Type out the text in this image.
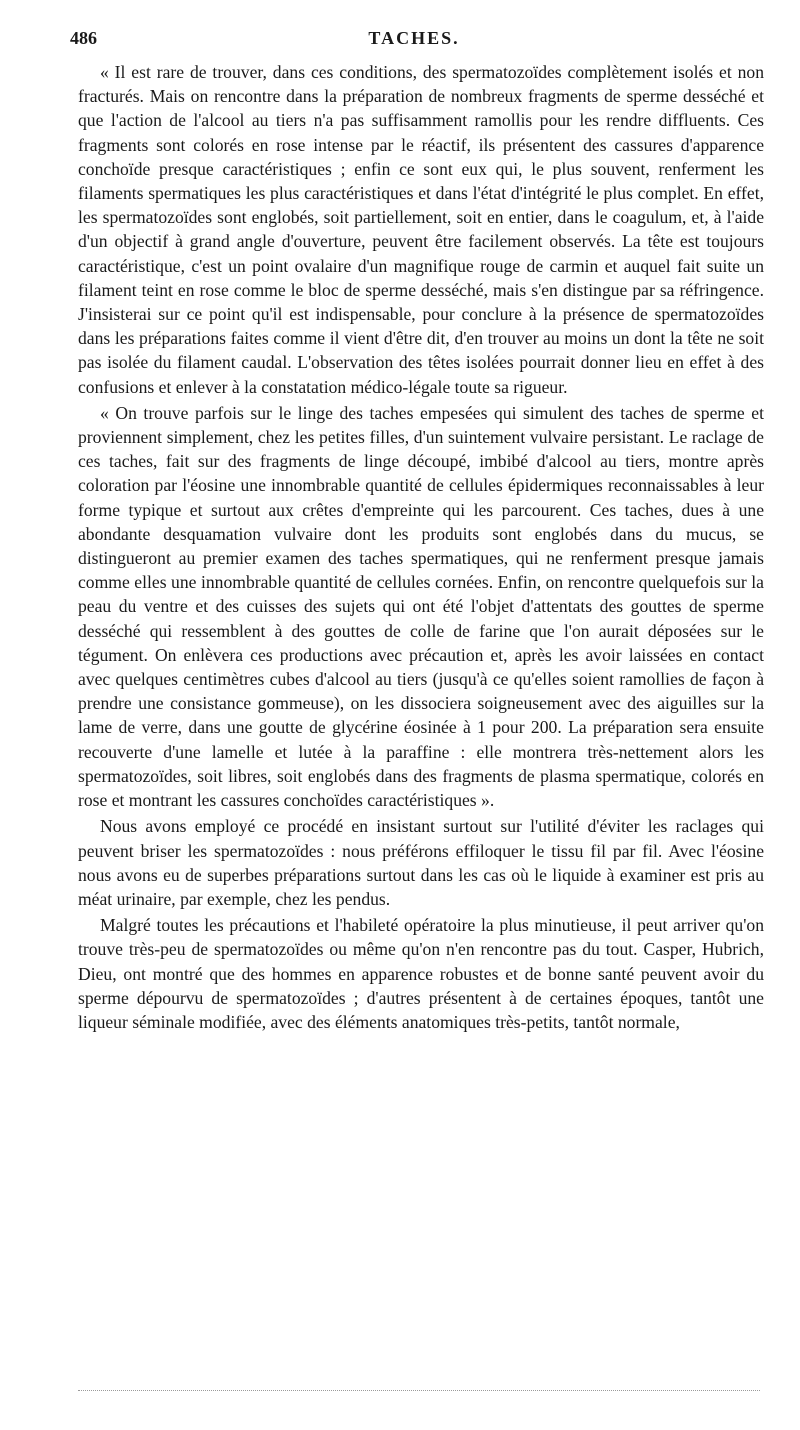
486	TACHES.

« Il est rare de trouver, dans ces conditions, des spermatozoïdes complètement isolés et non fracturés. Mais on rencontre dans la préparation de nombreux fragments de sperme desséché et que l'action de l'alcool au tiers n'a pas suffisamment ramollis pour les rendre diffluents. Ces fragments sont colorés en rose intense par le réactif, ils présentent des cassures d'apparence conchoïde presque caractéristiques ; enfin ce sont eux qui, le plus souvent, renferment les filaments spermatiques les plus caractéristiques et dans l'état d'intégrité le plus complet. En effet, les spermatozoïdes sont englobés, soit partiellement, soit en entier, dans le coagulum, et, à l'aide d'un objectif à grand angle d'ouverture, peuvent être facilement observés. La tête est toujours caractéristique, c'est un point ovalaire d'un magnifique rouge de carmin et auquel fait suite un filament teint en rose comme le bloc de sperme desséché, mais s'en distingue par sa réfringence. J'insisterai sur ce point qu'il est indispensable, pour conclure à la présence de spermatozoïdes dans les préparations faites comme il vient d'être dit, d'en trouver au moins un dont la tête ne soit pas isolée du filament caudal. L'observation des têtes isolées pourrait donner lieu en effet à des confusions et enlever à la constatation médico-légale toute sa rigueur.

« On trouve parfois sur le linge des taches empesées qui simulent des taches de sperme et proviennent simplement, chez les petites filles, d'un suintement vulvaire persistant. Le raclage de ces taches, fait sur des fragments de linge découpé, imbibé d'alcool au tiers, montre après coloration par l'éosine une innombrable quantité de cellules épidermiques reconnaissables à leur forme typique et surtout aux crêtes d'empreinte qui les parcourent. Ces taches, dues à une abondante desquamation vulvaire dont les produits sont englobés dans du mucus, se distingueront au premier examen des taches spermatiques, qui ne renferment presque jamais comme elles une innombrable quantité de cellules cornées. Enfin, on rencontre quelquefois sur la peau du ventre et des cuisses des sujets qui ont été l'objet d'attentats des gouttes de sperme desséché qui ressemblent à des gouttes de colle de farine que l'on aurait déposées sur le tégument. On enlèvera ces productions avec précaution et, après les avoir laissées en contact avec quelques centimètres cubes d'alcool au tiers (jusqu'à ce qu'elles soient ramollies de façon à prendre une consistance gommeuse), on les dissociera soigneusement avec des aiguilles sur la lame de verre, dans une goutte de glycérine éosinée à 1 pour 200. La préparation sera ensuite recouverte d'une lamelle et lutée à la paraffine : elle montrera très-nettement alors les spermatozoïdes, soit libres, soit englobés dans des fragments de plasma spermatique, colorés en rose et montrant les cassures conchoïdes caractéristiques ».

Nous avons employé ce procédé en insistant surtout sur l'utilité d'éviter les raclages qui peuvent briser les spermatozoïdes : nous préférons effiloquer le tissu fil par fil. Avec l'éosine nous avons eu de superbes préparations surtout dans les cas où le liquide à examiner est pris au méat urinaire, par exemple, chez les pendus.

Malgré toutes les précautions et l'habileté opératoire la plus minutieuse, il peut arriver qu'on trouve très-peu de spermatozoïdes ou même qu'on n'en rencontre pas du tout. Casper, Hubrich, Dieu, ont montré que des hommes en apparence robustes et de bonne santé peuvent avoir du sperme dépourvu de spermatozoïdes ; d'autres présentent à de certaines époques, tantôt une liqueur séminale modifiée, avec des éléments anatomiques très-petits, tantôt normale,
